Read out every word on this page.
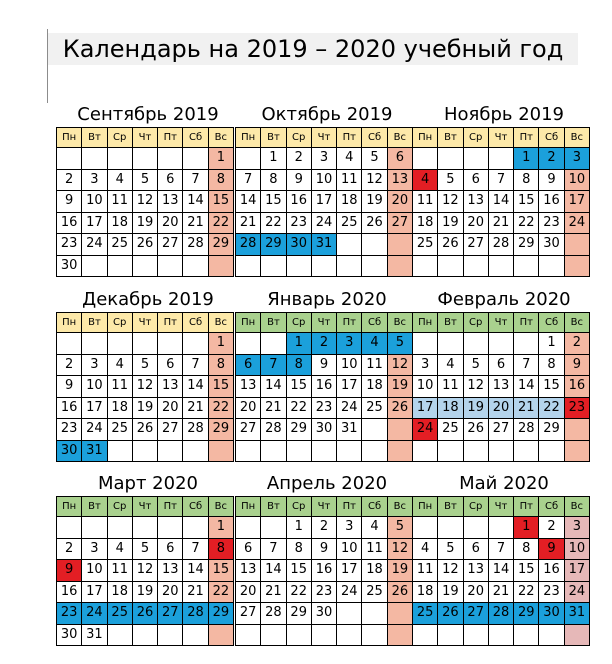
Календарь на 2019 – 2020 учебный год
Сентябрь 2019
Пн	Вт	Ср	Чт	Пт	Сб	Вс
						1
2	3	4	5	6	7	8
9	10	11	12	13	14	15
16	17	18	19	20	21	22
23	24	25	26	27	28	29
30						
Октябрь 2019
Пн	Вт	Ср	Чт	Пт	Сб	Вс
	1	2	3	4	5	6
7	8	9	10	11	12	13
14	15	16	17	18	19	20
21	22	23	24	25	26	27
28	29	30	31			

Ноябрь 2019
Пн	Вт	Ср	Чт	Пт	Сб	Вс
				1	2	3
4	5	6	7	8	9	10
11	12	13	14	15	16	17
18	19	20	21	22	23	24
25	26	27	28	29	30	

Декабрь 2019
Пн	Вт	Ср	Чт	Пт	Сб	Вс
						1
2	3	4	5	6	7	8
9	10	11	12	13	14	15
16	17	18	19	20	21	22
23	24	25	26	27	28	29
30	31					
Январь 2020
Пн	Вт	Ср	Чт	Пт	Сб	Вс
		1	2	3	4	5
6	7	8	9	10	11	12
13	14	15	16	17	18	19
20	21	22	23	24	25	26
27	28	29	30	31		

Февраль 2020
Пн	Вт	Ср	Чт	Пт	Сб	Вс
					1	2
3	4	5	6	7	8	9
10	11	12	13	14	15	16
17	18	19	20	21	22	23
24	25	26	27	28	29	

Март 2020
Пн	Вт	Ср	Чт	Пт	Сб	Вс
						1
2	3	4	5	6	7	8
9	10	11	12	13	14	15
16	17	18	19	20	21	22
23	24	25	26	27	28	29
30	31					
Апрель 2020
Пн	Вт	Ср	Чт	Пт	Сб	Вс
		1	2	3	4	5
6	7	8	9	10	11	12
13	14	15	16	17	18	19
20	21	22	23	24	25	26
27	28	29	30			

Май 2020
Пн	Вт	Ср	Чт	Пт	Сб	Вс
				1	2	3
4	5	6	7	8	9	10
11	12	13	14	15	16	17
18	19	20	21	22	23	24
25	26	27	28	29	30	31
